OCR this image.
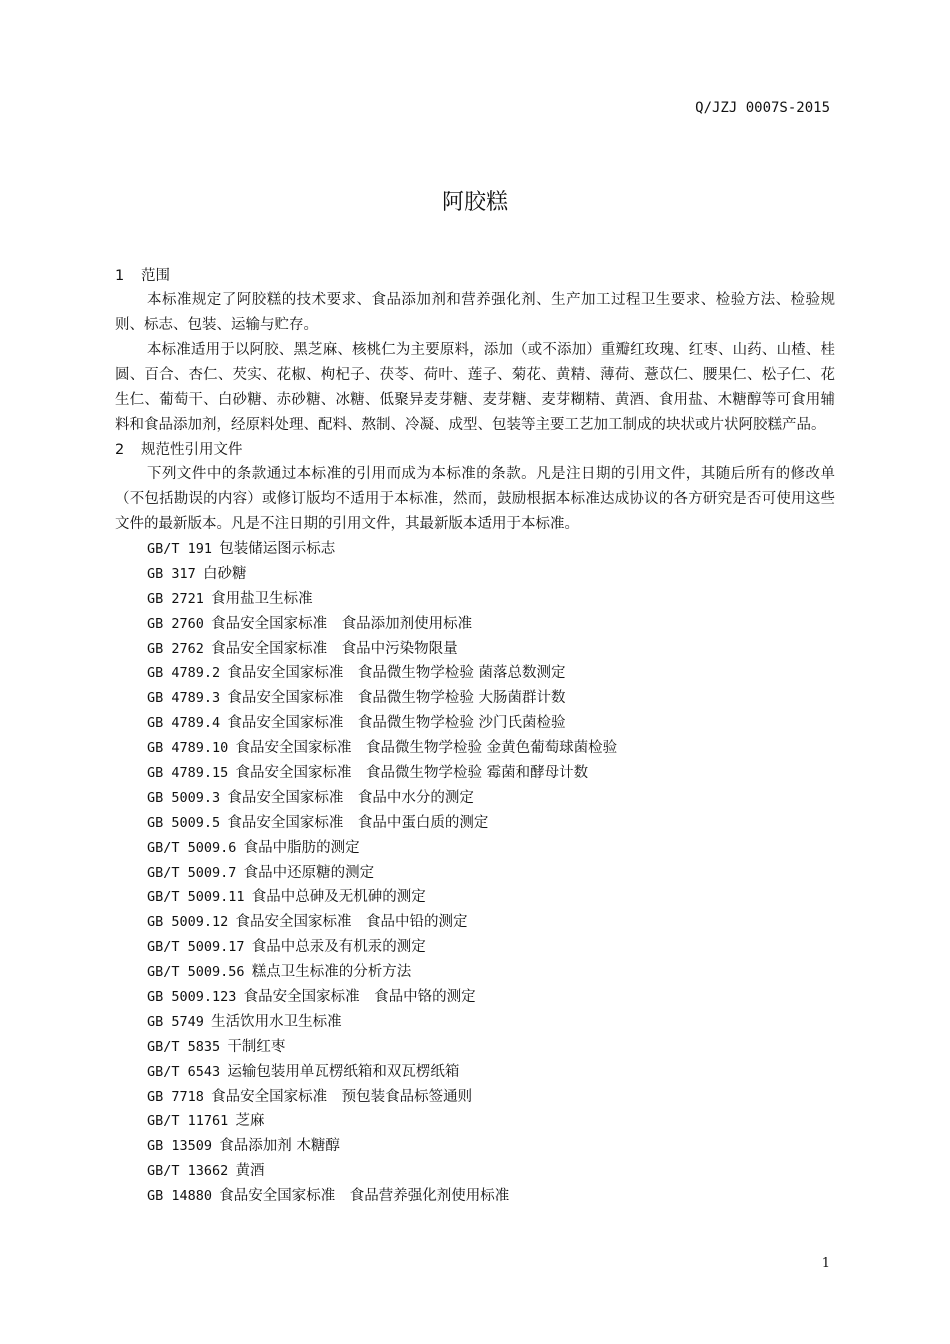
Q/JZJ 0007S-2015
阿胶糕
1 范围

本标准规定了阿胶糕的技术要求、食品添加剂和营养强化剂、生产加工过程卫生要求、检验方法、检验规则、标志、包装、运输与贮存。

本标准适用于以阿胶、黑芝麻、核桃仁为主要原料，添加（或不添加）重瓣红玫瑰、红枣、山药、山楂、桂圆、百合、杏仁、芡实、花椒、枸杞子、茯苓、荷叶、莲子、菊花、黄精、薄荷、薏苡仁、腰果仁、松子仁、花生仁、葡萄干、白砂糖、赤砂糖、冰糖、低聚异麦芽糖、麦芽糖、麦芽糊精、黄酒、食用盐、木糖醇等可食用辅料和食品添加剂，经原料处理、配料、熬制、冷凝、成型、包装等主要工艺加工制成的块状或片状阿胶糕产品。

2 规范性引用文件

下列文件中的条款通过本标准的引用而成为本标准的条款。凡是注日期的引用文件，其随后所有的修改单（不包括勘误的内容）或修订版均不适用于本标准，然而，鼓励根据本标准达成协议的各方研究是否可使用这些文件的最新版本。凡是不注日期的引用文件，其最新版本适用于本标准。

GB/T 191  包装储运图示标志
GB 317  白砂糖
GB 2721  食用盐卫生标准
GB 2760  食品安全国家标准　食品添加剂使用标准
GB 2762  食品安全国家标准　食品中污染物限量
GB 4789.2  食品安全国家标准　食品微生物学检验 菌落总数测定
GB 4789.3  食品安全国家标准　食品微生物学检验 大肠菌群计数
GB 4789.4  食品安全国家标准　食品微生物学检验 沙门氏菌检验
GB 4789.10  食品安全国家标准　食品微生物学检验 金黄色葡萄球菌检验
GB 4789.15  食品安全国家标准　食品微生物学检验 霉菌和酵母计数
GB 5009.3  食品安全国家标准　食品中水分的测定
GB 5009.5  食品安全国家标准　食品中蛋白质的测定
GB/T 5009.6  食品中脂肪的测定
GB/T 5009.7  食品中还原糖的测定
GB/T 5009.11  食品中总砷及无机砷的测定
GB 5009.12  食品安全国家标准　食品中铅的测定
GB/T 5009.17  食品中总汞及有机汞的测定
GB/T 5009.56  糕点卫生标准的分析方法
GB 5009.123  食品安全国家标准　食品中铬的测定
GB 5749  生活饮用水卫生标准
GB/T 5835  干制红枣
GB/T 6543  运输包装用单瓦楞纸箱和双瓦楞纸箱
GB 7718  食品安全国家标准　预包装食品标签通则
GB/T 11761  芝麻
GB 13509  食品添加剂 木糖醇
GB/T 13662  黄酒
GB 14880  食品安全国家标准　食品营养强化剂使用标准
1
